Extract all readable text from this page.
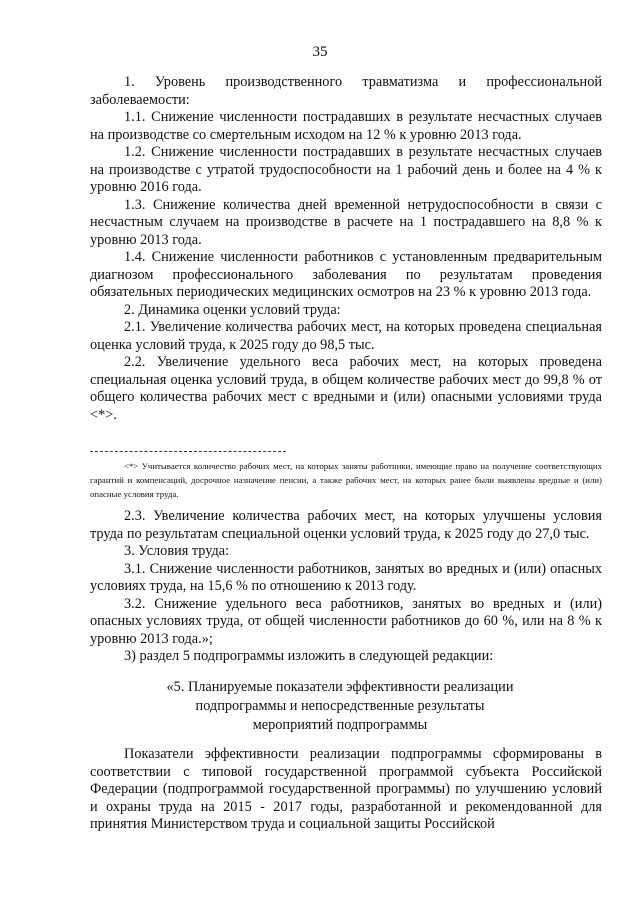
35

1. Уровень производственного травматизма и профессиональной заболеваемости:

1.1. Снижение численности пострадавших в результате несчастных случаев на производстве со смертельным исходом на 12 % к уровню 2013 года.

1.2. Снижение численности пострадавших в результате несчастных случаев на производстве с утратой трудоспособности на 1 рабочий день и более на 4 % к уровню 2016 года.

1.3. Снижение количества дней временной нетрудоспособности в связи с несчастным случаем на производстве в расчете на 1 пострадавшего на 8,8 % к уровню 2013 года.

1.4. Снижение численности работников с установленным предварительным диагнозом профессионального заболевания по результатам проведения обязательных периодических медицинских осмотров на 23 % к уровню 2013 года.

2. Динамика оценки условий труда:

2.1. Увеличение количества рабочих мест, на которых проведена специальная оценка условий труда, к 2025 году до 98,5 тыс.

2.2. Увеличение удельного веса рабочих мест, на которых проведена специальная оценка условий труда, в общем количестве рабочих мест до 99,8 % от общего количества рабочих мест с вредными и (или) опасными условиями труда <*>.

<*> Учитывается количество рабочих мест, на которых заняты работники, имеющие право на получение соответствующих гарантий и компенсаций, досрочное назначение пенсии, а также рабочих мест, на которых ранее были выявлены вредные и (или) опасные условия труда.

2.3. Увеличение количества рабочих мест, на которых улучшены условия труда по результатам специальной оценки условий труда, к 2025 году до 27,0 тыс.

3. Условия труда:

3.1. Снижение численности работников, занятых во вредных и (или) опасных условиях труда, на 15,6 % по отношению к 2013 году.

3.2. Снижение удельного веса работников, занятых во вредных и (или) опасных условиях труда, от общей численности работников до 60 %, или на 8 % к уровню 2013 года.»;

3) раздел 5 подпрограммы изложить в следующей редакции:

«5. Планируемые показатели эффективности реализации
подпрограммы и непосредственные результаты
мероприятий подпрограммы

Показатели эффективности реализации подпрограммы сформированы в соответствии с типовой государственной программой субъекта Российской Федерации (подпрограммой государственной программы) по улучшению условий и охраны труда на 2015 - 2017 годы, разработанной и рекомендованной для принятия Министерством труда и социальной защиты Российской
